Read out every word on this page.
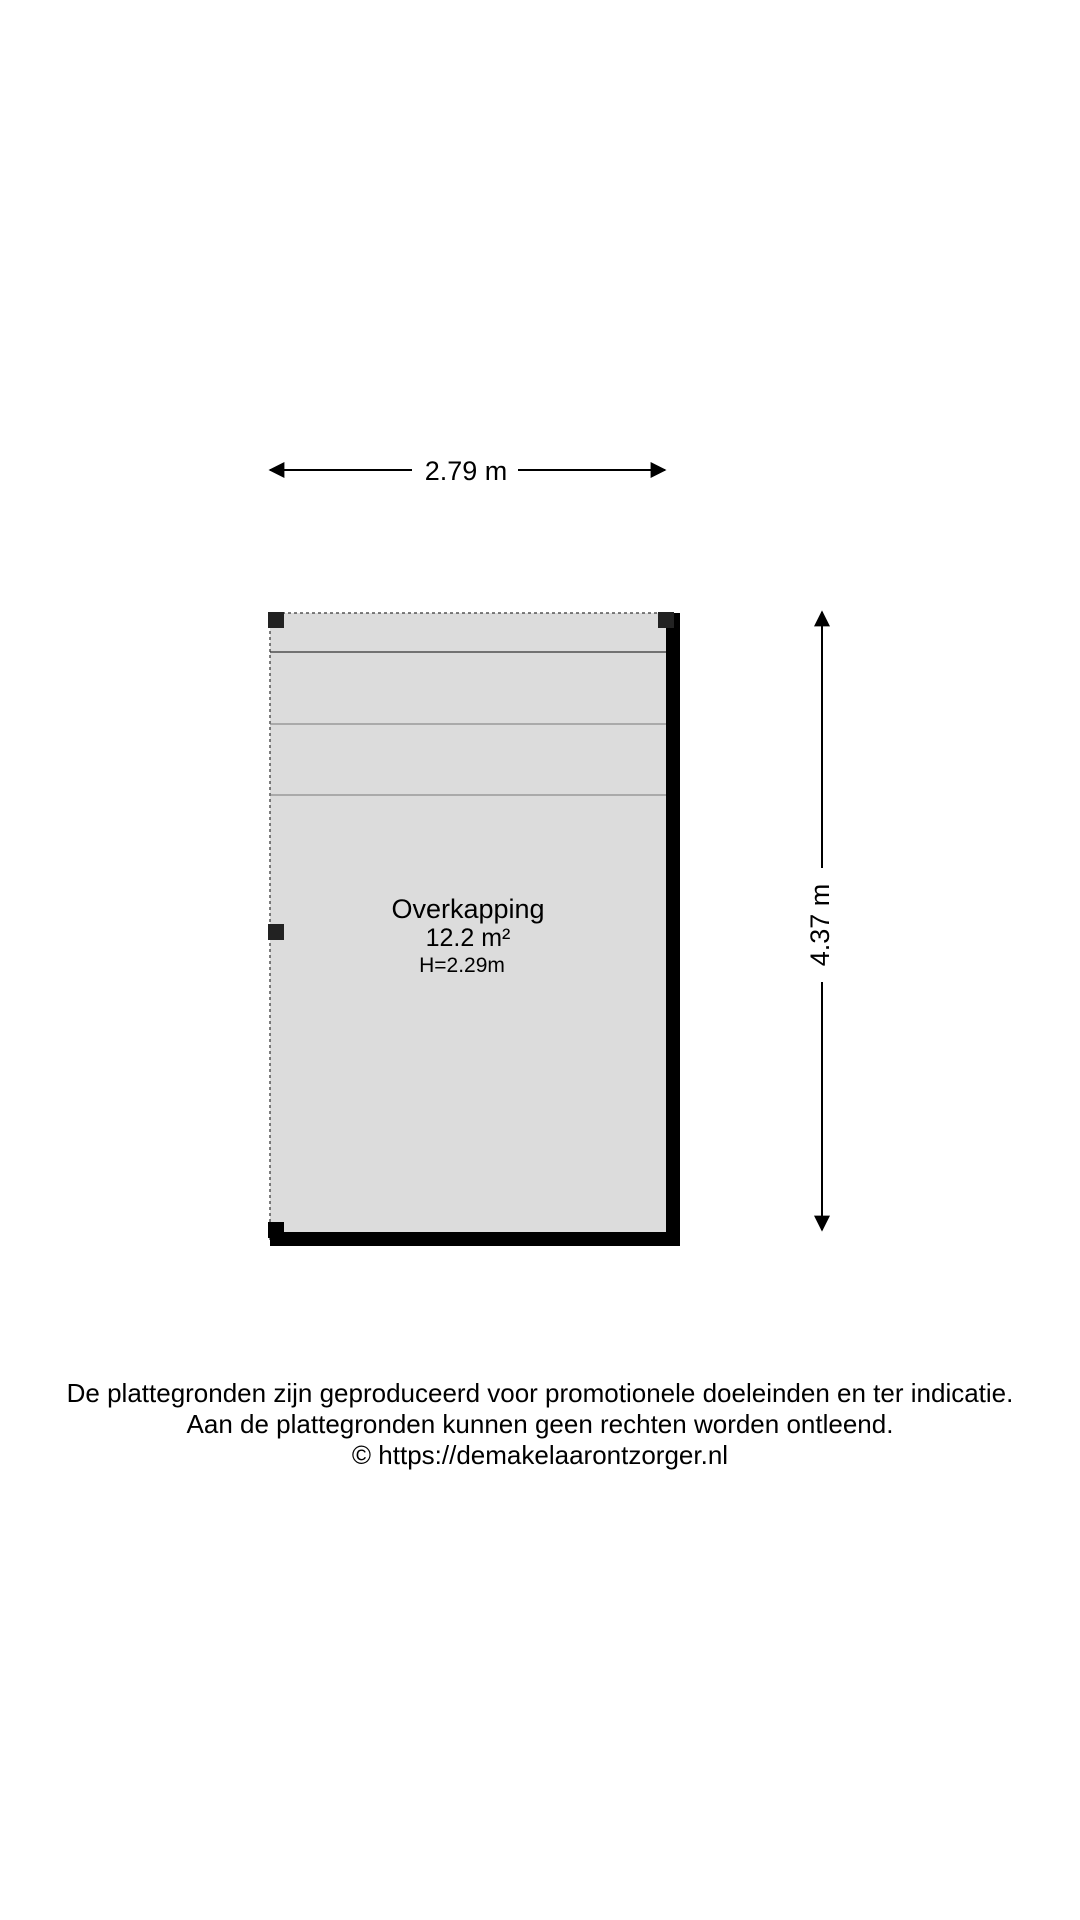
2.79 m
4.37 m
Overkapping
12.2 m²
H=2.29m
De plattegronden zijn geproduceerd voor promotionele doeleinden en ter indicatie.
Aan de plattegronden kunnen geen rechten worden ontleend.
© https://demakelaarontzorger.nl
